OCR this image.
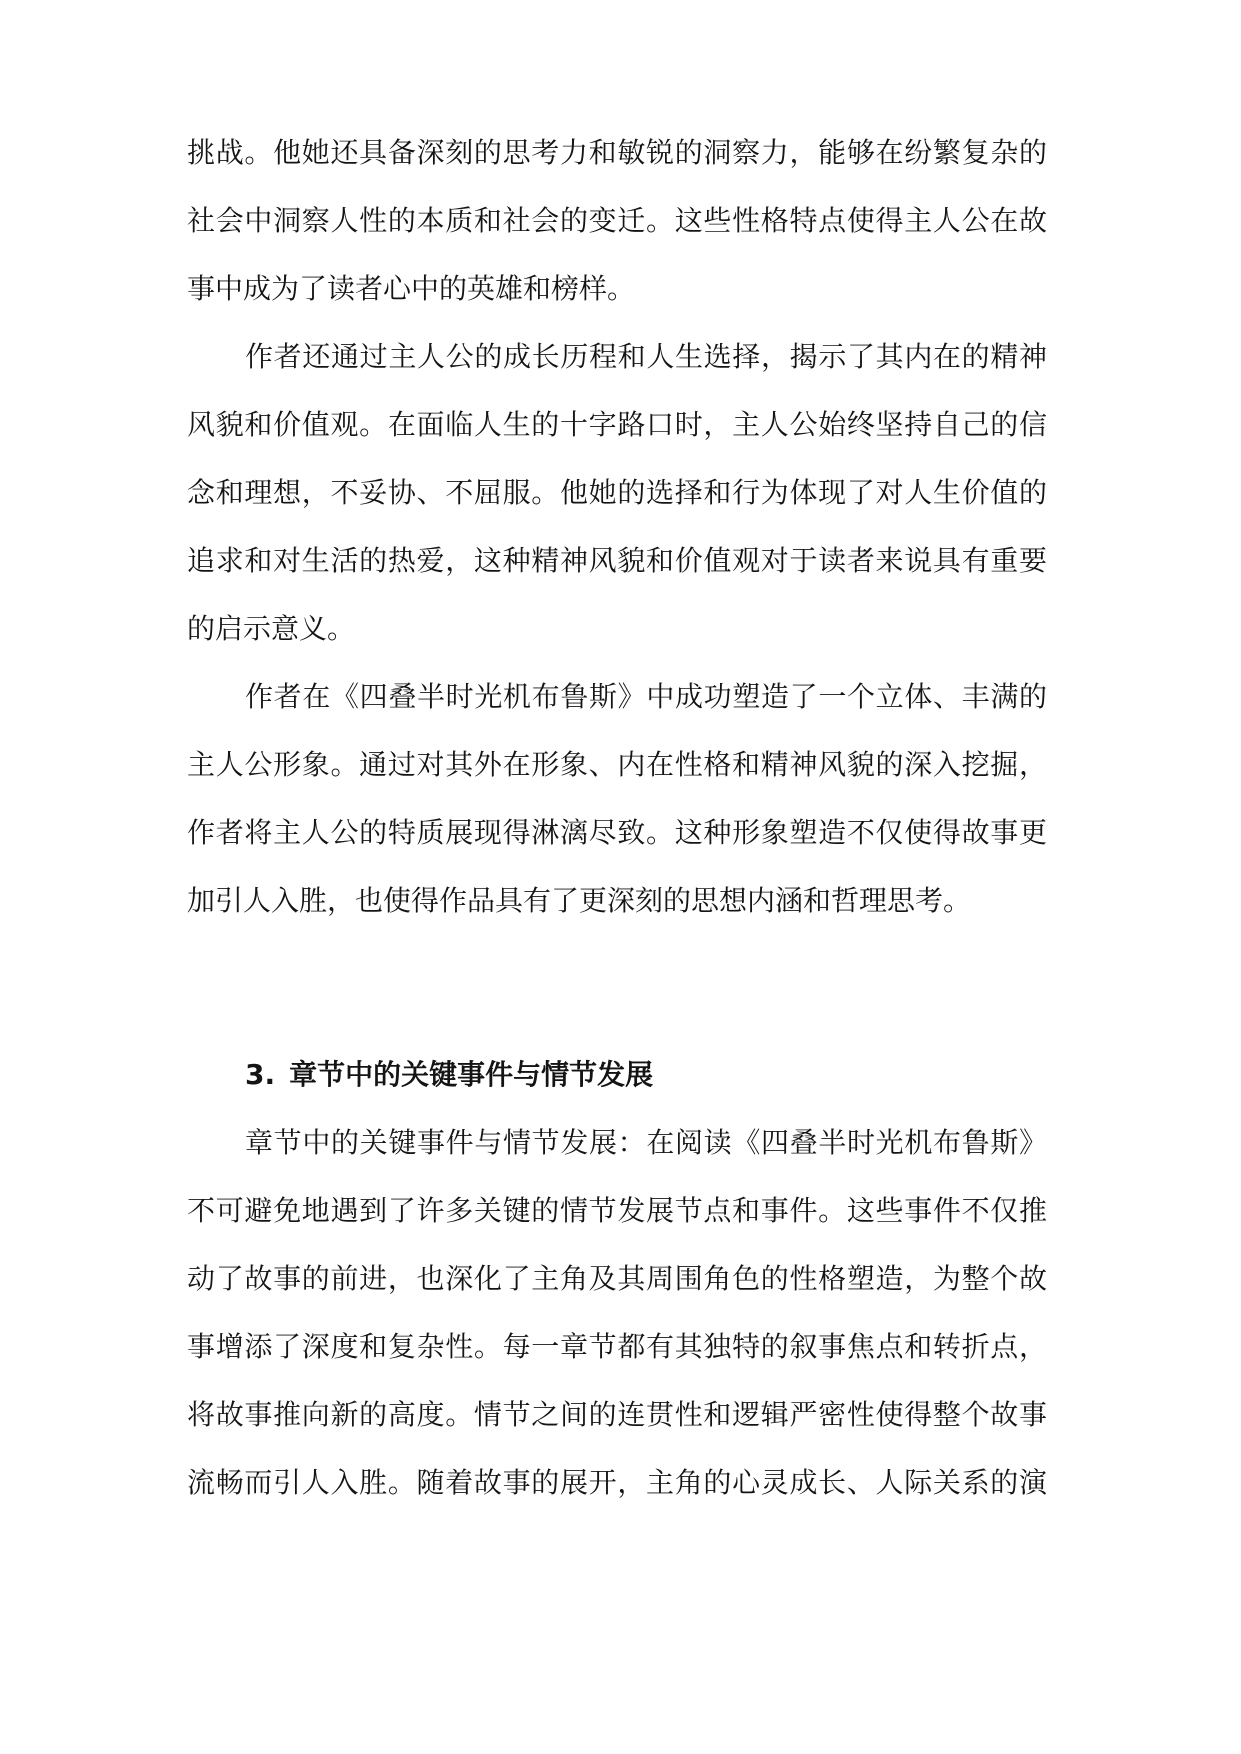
挑战。他她还具备深刻的思考力和敏锐的洞察力，能够在纷繁复杂的

社会中洞察人性的本质和社会的变迁。这些性格特点使得主人公在故

事中成为了读者心中的英雄和榜样。

作者还通过主人公的成长历程和人生选择，揭示了其内在的精神

风貌和价值观。在面临人生的十字路口时，主人公始终坚持自己的信

念和理想，不妥协、不屈服。他她的选择和行为体现了对人生价值的

追求和对生活的热爱，这种精神风貌和价值观对于读者来说具有重要

的启示意义。

作者在《四叠半时光机布鲁斯》中成功塑造了一个立体、丰满的

主人公形象。通过对其外在形象、内在性格和精神风貌的深入挖掘，

作者将主人公的特质展现得淋漓尽致。这种形象塑造不仅使得故事更

加引人入胜，也使得作品具有了更深刻的思想内涵和哲理思考。

3. 章节中的关键事件与情节发展

章节中的关键事件与情节发展：在阅读《四叠半时光机布鲁斯》

不可避免地遇到了许多关键的情节发展节点和事件。这些事件不仅推

动了故事的前进，也深化了主角及其周围角色的性格塑造，为整个故

事增添了深度和复杂性。每一章节都有其独特的叙事焦点和转折点，

将故事推向新的高度。情节之间的连贯性和逻辑严密性使得整个故事

流畅而引人入胜。随着故事的展开，主角的心灵成长、人际关系的演
